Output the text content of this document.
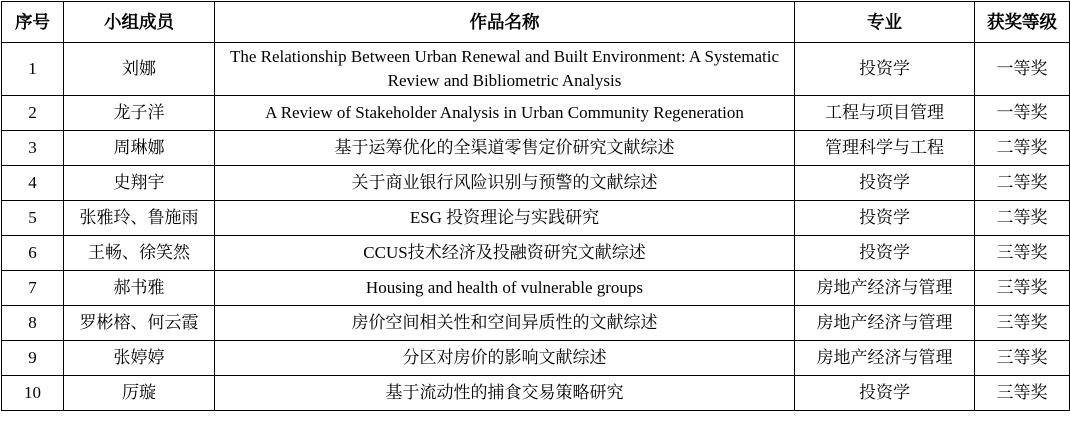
序号	小组成员	作品名称	专业	获奖等级
1	刘娜	The Relationship Between Urban Renewal and Built Environment: A Systematic Review and Bibliometric Analysis	投资学	一等奖
2	龙子洋	A Review of Stakeholder Analysis in Urban Community Regeneration	工程与项目管理	一等奖
3	周琳娜	基于运筹优化的全渠道零售定价研究文献综述	管理科学与工程	二等奖
4	史翔宇	关于商业银行风险识别与预警的文献综述	投资学	二等奖
5	张雅玲、鲁施雨	ESG 投资理论与实践研究	投资学	二等奖
6	王畅、徐笑然	CCUS技术经济及投融资研究文献综述	投资学	三等奖
7	郝书雅	Housing and health of vulnerable groups	房地产经济与管理	三等奖
8	罗彬榕、何云霞	房价空间相关性和空间异质性的文献综述	房地产经济与管理	三等奖
9	张婷婷	分区对房价的影响文献综述	房地产经济与管理	三等奖
10	厉璇	基于流动性的捕食交易策略研究	投资学	三等奖
